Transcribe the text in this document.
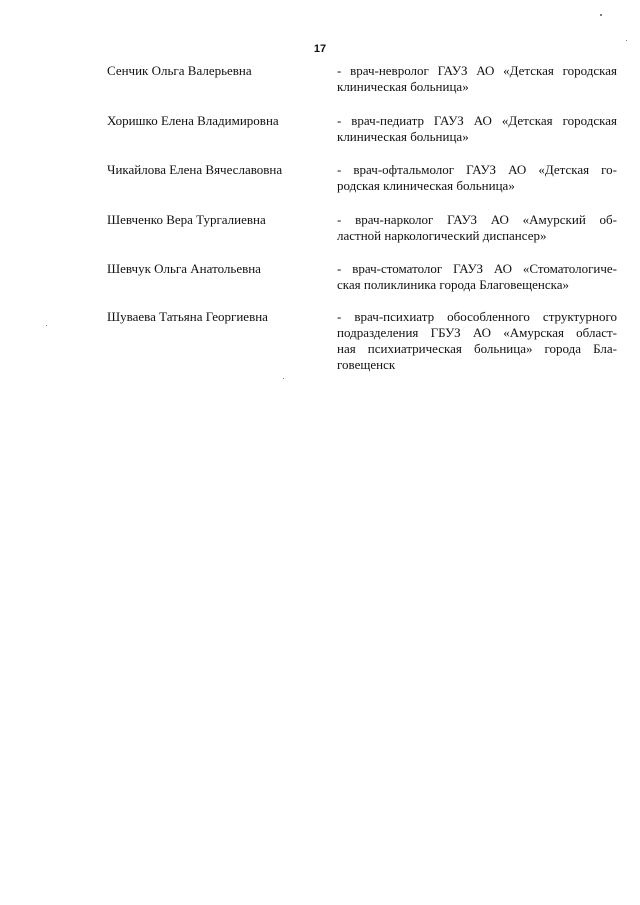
17
Сенчик Ольга Валерьевна	- врач-невролог ГАУЗ АО «Детская городская
клиническая больница»
Хоришко Елена Владимировна	- врач-педиатр ГАУЗ АО «Детская городская
клиническая больница»
Чикайлова Елена Вячеславовна	- врач-офтальмолог ГАУЗ АО «Детская го-
родская клиническая больница»
Шевченко Вера Тургалиевна	- врач-нарколог ГАУЗ АО «Амурский об-
ластной наркологический диспансер»
Шевчук Ольга Анатольевна	- врач-стоматолог ГАУЗ АО «Стоматологиче-
ская поликлиника города Благовещенска»
Шуваева Татьяна Георгиевна	- врач-психиатр обособленного структурного
подразделения ГБУЗ АО «Амурская област-
ная психиатрическая больница» города Бла-
говещенск
